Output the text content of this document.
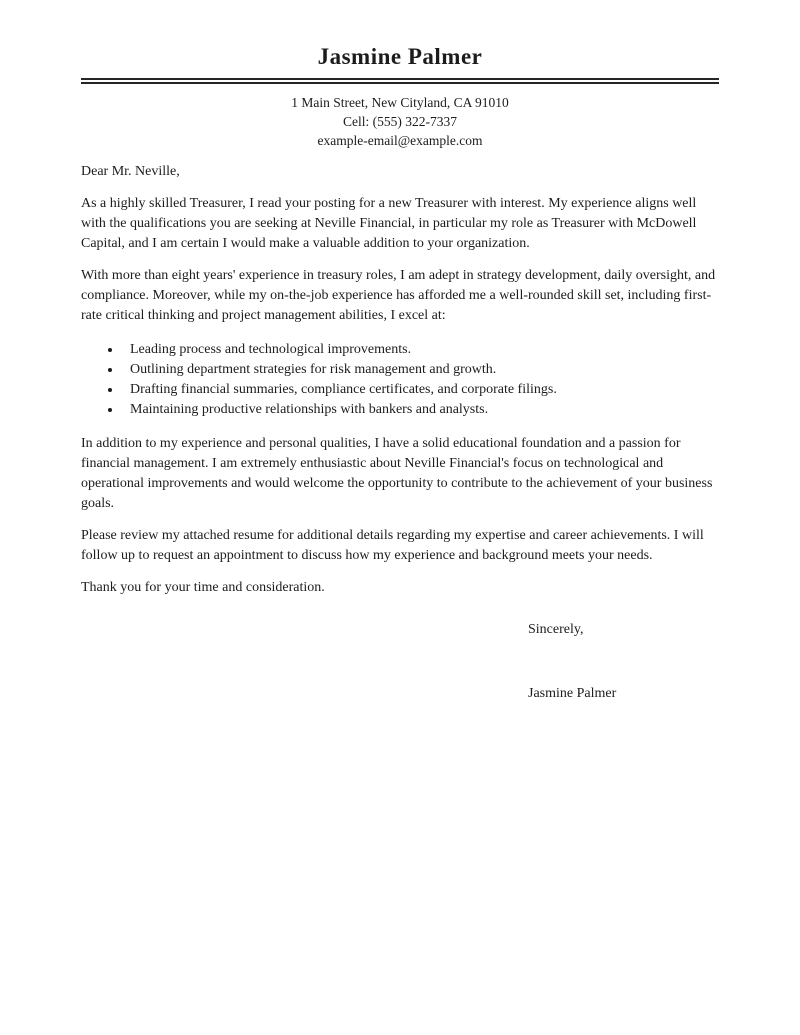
Jasmine Palmer
1 Main Street, New Cityland, CA 91010
Cell: (555) 322-7337
example-email@example.com

Dear Mr. Neville,

As a highly skilled Treasurer, I read your posting for a new Treasurer with interest. My experience aligns well with the qualifications you are seeking at Neville Financial, in particular my role as Treasurer with McDowell Capital, and I am certain I would make a valuable addition to your organization.

With more than eight years' experience in treasury roles, I am adept in strategy development, daily oversight, and compliance. Moreover, while my on-the-job experience has afforded me a well-rounded skill set, including first-rate critical thinking and project management abilities, I excel at:

• Leading process and technological improvements.
• Outlining department strategies for risk management and growth.
• Drafting financial summaries, compliance certificates, and corporate filings.
• Maintaining productive relationships with bankers and analysts.

In addition to my experience and personal qualities, I have a solid educational foundation and a passion for financial management. I am extremely enthusiastic about Neville Financial's focus on technological and operational improvements and would welcome the opportunity to contribute to the achievement of your business goals.

Please review my attached resume for additional details regarding my expertise and career achievements. I will follow up to request an appointment to discuss how my experience and background meets your needs.

Thank you for your time and consideration.

Sincerely,

Jasmine Palmer
